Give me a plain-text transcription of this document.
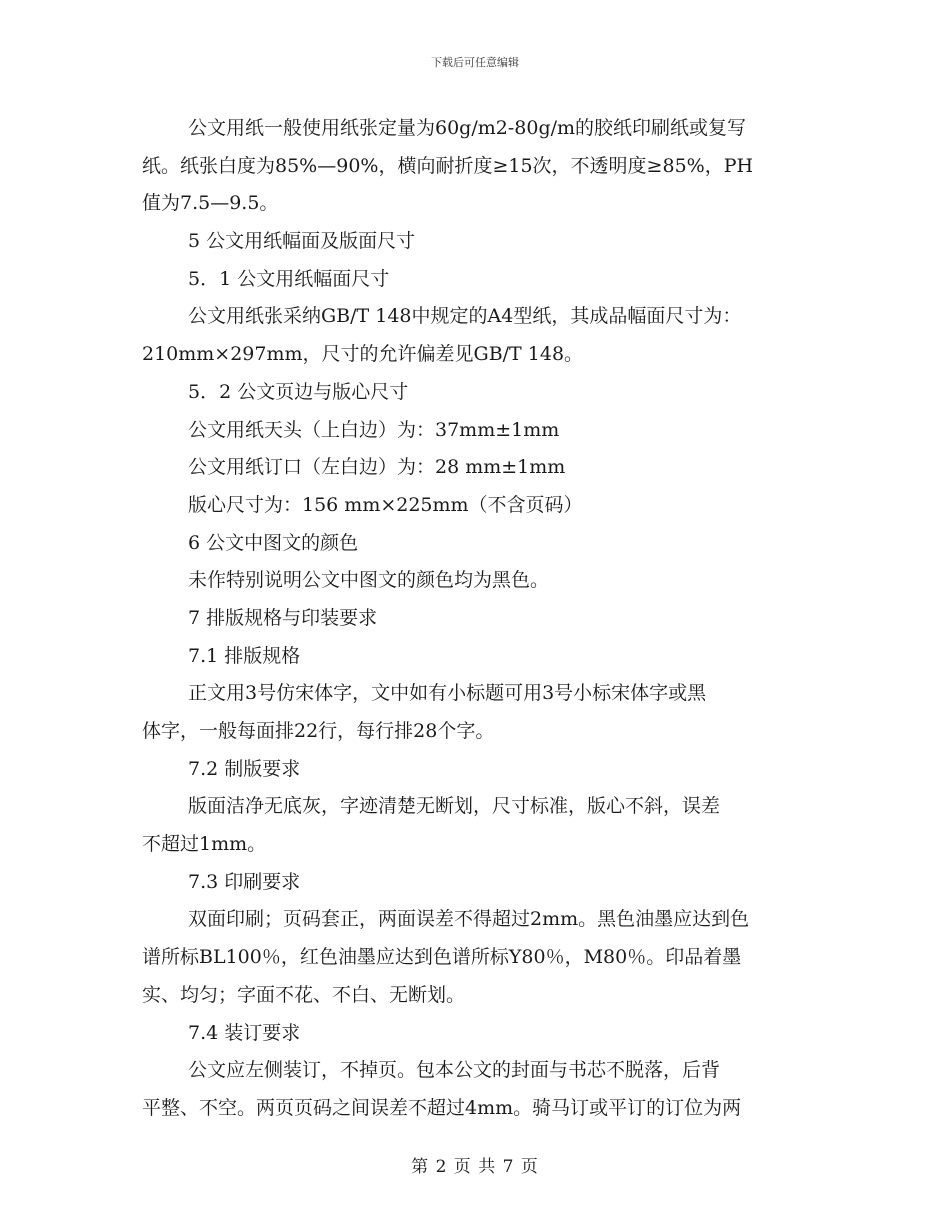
下载后可任意编辑
公文用纸一般使用纸张定量为60g/m2-80g/m的胶纸印刷纸或复写
纸。纸张白度为85%—90%，横向耐折度≥15次，不透明度≥85%，PH
值为7.5—9.5。
5 公文用纸幅面及版面尺寸
5．1 公文用纸幅面尺寸
公文用纸张采纳GB/T 148中规定的A4型纸，其成品幅面尺寸为：
210mm×297mm，尺寸的允许偏差见GB/T 148。
5．2 公文页边与版心尺寸
公文用纸天头（上白边）为：37mm±1mm
公文用纸订口（左白边）为：28 mm±1mm
版心尺寸为：156 mm×225mm（不含页码）
6 公文中图文的颜色
未作特别说明公文中图文的颜色均为黑色。
7 排版规格与印装要求
7.1 排版规格
正文用3号仿宋体字，文中如有小标题可用3号小标宋体字或黑
体字，一般每面排22行，每行排28个字。
7.2 制版要求
版面洁净无底灰，字迹清楚无断划，尺寸标准，版心不斜，误差
不超过1mm。
7.3 印刷要求
双面印刷；页码套正，两面误差不得超过2mm。黑色油墨应达到色
谱所标BL100％，红色油墨应达到色谱所标Y80％，M80％。印品着墨
实、均匀；字面不花、不白、无断划。
7.4 装订要求
公文应左侧装订，不掉页。包本公文的封面与书芯不脱落，后背
平整、不空。两页页码之间误差不超过4mm。骑马订或平订的订位为两
第 2 页 共 7 页
